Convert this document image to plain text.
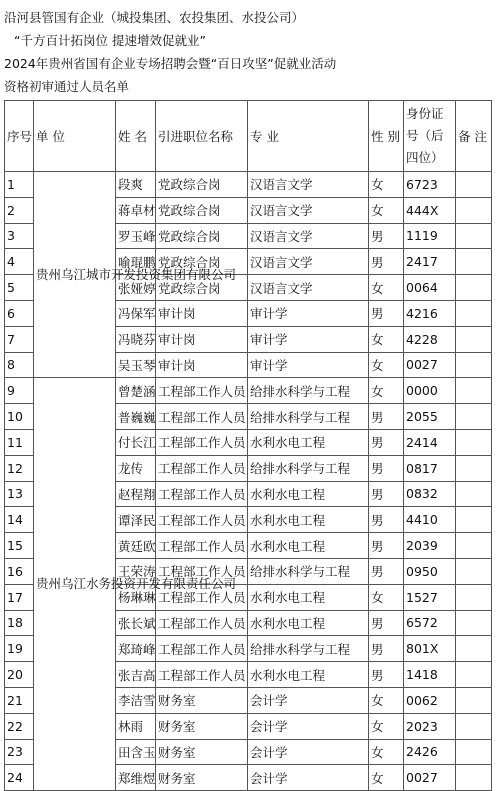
沿河县管国有企业（城投集团、农投集团、水投公司）
“千方百计拓岗位 提速增效促就业”
2024年贵州省国有企业专场招聘会暨“百日攻坚”促就业活动
资格初审通过人员名单
序号	单 位	姓 名	引进职位名称	专 业	性 别	身份证号（后四位）	备 注
1	贵州乌江城市开发投资集团有限公司	段爽	党政综合岗	汉语言文学	女	6723	
2		蒋卓材	党政综合岗	汉语言文学	女	444X	
3		罗玉峰	党政综合岗	汉语言文学	男	1119	
4		喻琨鹏	党政综合岗	汉语言文学	男	2417	
5		张娅婷	党政综合岗	汉语言文学	女	0064	
6		冯保军	审计岗	审计学	男	4216	
7		冯晓芬	审计岗	审计学	女	4228	
8		吴玉琴	审计岗	审计学	女	0027	
9	贵州乌江水务投资开发有限责任公司	曾楚涵	工程部工作人员	给排水科学与工程	女	0000	
10		普巍巍	工程部工作人员	给排水科学与工程	男	2055	
11		付长江	工程部工作人员	水利水电工程	男	2414	
12		龙传	工程部工作人员	给排水科学与工程	男	0817	
13		赵程翔	工程部工作人员	水利水电工程	男	0832	
14		谭泽民	工程部工作人员	水利水电工程	男	4410	
15		黄廷欧	工程部工作人员	水利水电工程	男	2039	
16		王荣涛	工程部工作人员	给排水科学与工程	男	0950	
17		杨琳琳	工程部工作人员	水利水电工程	女	1527	
18		张长斌	工程部工作人员	水利水电工程	男	6572	
19		郑琦峰	工程部工作人员	给排水科学与工程	男	801X	
20		张吉高	工程部工作人员	水利水电工程	男	1418	
21		李洁雪	财务室	会计学	女	0062	
22		林雨	财务室	会计学	女	2023	
23		田含玉	财务室	会计学	女	2426	
24		郑维煜	财务室	会计学	女	0027	
